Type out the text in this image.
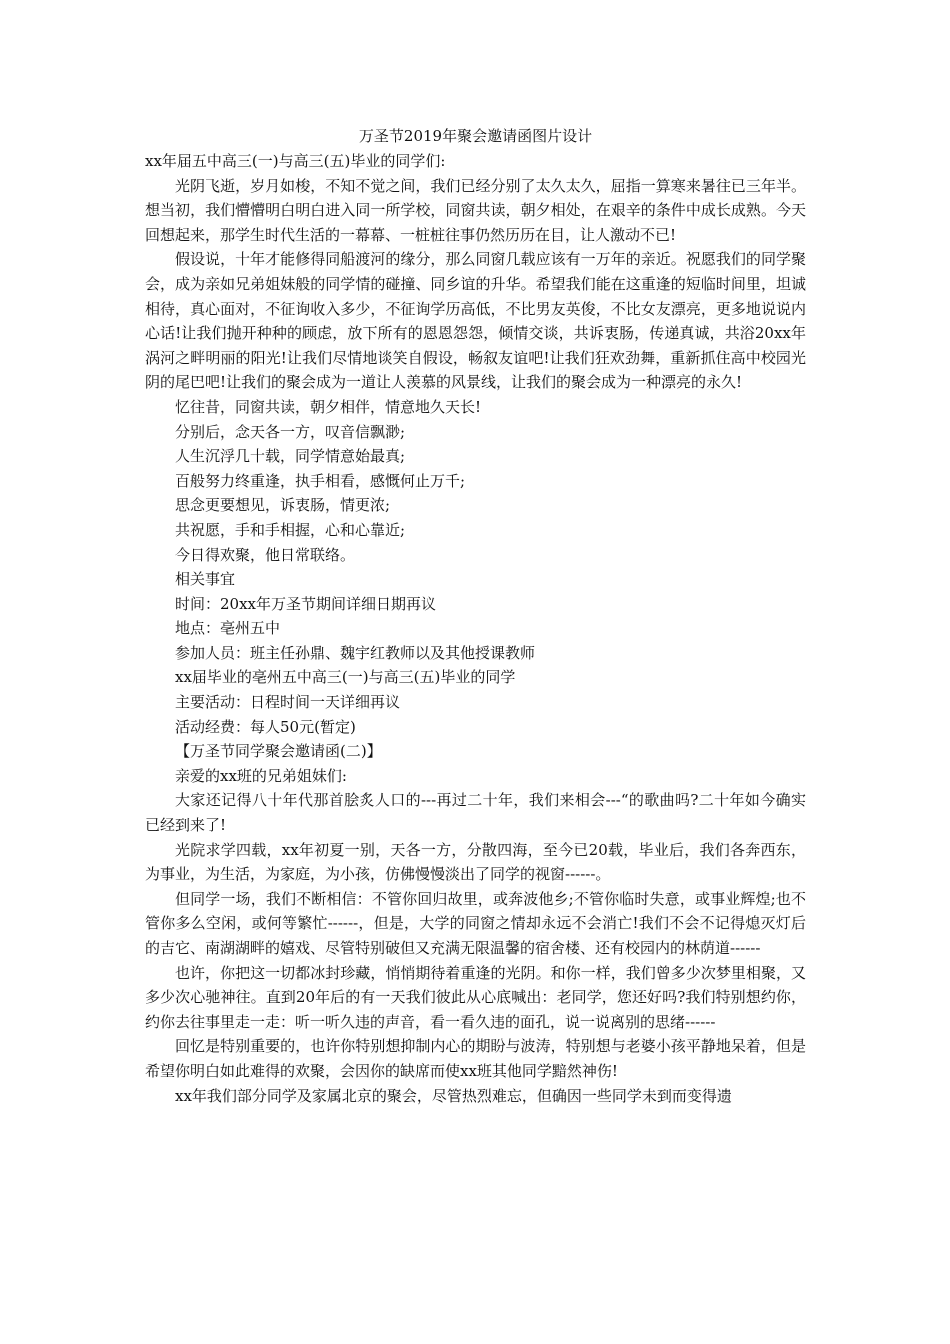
万圣节2019年聚会邀请函图片设计

xx年届五中高三(一)与高三(五)毕业的同学们:

光阴飞逝，岁月如梭，不知不觉之间，我们已经分别了太久太久，屈指一算寒来暑往已三年半。想当初，我们懵懵明白明白进入同一所学校，同窗共读，朝夕相处，在艰辛的条件中成长成熟。今天回想起来，那学生时代生活的一幕幕、一桩桩往事仍然历历在目，让人激动不已!

假设说，十年才能修得同船渡河的缘分，那么同窗几载应该有一万年的亲近。祝愿我们的同学聚会，成为亲如兄弟姐妹般的同学情的碰撞、同乡谊的升华。希望我们能在这重逢的短临时间里，坦诚相待，真心面对，不征询收入多少，不征询学历高低，不比男友英俊，不比女友漂亮，更多地说说内心话!让我们抛开种种的顾虑，放下所有的恩恩怨怨，倾情交谈，共诉衷肠，传递真诚，共浴20xx年涡河之畔明丽的阳光!让我们尽情地谈笑自假设，畅叙友谊吧!让我们狂欢劲舞，重新抓住高中校园光阴的尾巴吧!让我们的聚会成为一道让人羡慕的风景线，让我们的聚会成为一种漂亮的永久!

忆往昔，同窗共读，朝夕相伴，情意地久天长!

分别后，念天各一方，叹音信飘渺;

人生沉浮几十载，同学情意始最真;

百般努力终重逢，执手相看，感慨何止万千;

思念更要想见，诉衷肠，情更浓;

共祝愿，手和手相握，心和心靠近;

今日得欢聚，他日常联络。

相关事宜

时间：20xx年万圣节期间详细日期再议

地点：亳州五中

参加人员：班主任孙鼎、魏宇红教师以及其他授课教师

xx届毕业的亳州五中高三(一)与高三(五)毕业的同学

主要活动：日程时间一天详细再议

活动经费：每人50元(暂定)

【万圣节同学聚会邀请函(二)】

亲爱的xx班的兄弟姐妹们:

大家还记得八十年代那首脍炙人口的---再过二十年，我们来相会---“的歌曲吗?二十年如今确实已经到来了!

光院求学四载，xx年初夏一别，天各一方，分散四海，至今已20载，毕业后，我们各奔西东，为事业，为生活，为家庭，为小孩，仿佛慢慢淡出了同学的视窗------。

但同学一场，我们不断相信：不管你回归故里，或奔波他乡;不管你临时失意，或事业辉煌;也不管你多么空闲，或何等繁忙------，但是，大学的同窗之情却永远不会消亡!我们不会不记得熄灭灯后的吉它、南湖湖畔的嬉戏、尽管特别破但又充满无限温馨的宿舍楼、还有校园内的林荫道------

也许，你把这一切都冰封珍藏，悄悄期待着重逢的光阴。和你一样，我们曾多少次梦里相聚，又多少次心驰神往。直到20年后的有一天我们彼此从心底喊出：老同学，您还好吗?我们特别想约你，约你去往事里走一走：听一听久违的声音，看一看久违的面孔，说一说离别的思绪------

回忆是特别重要的，也许你特别想抑制内心的期盼与波涛，特别想与老婆小孩平静地呆着，但是希望你明白如此难得的欢聚，会因你的缺席而使xx班其他同学黯然神伤!

xx年我们部分同学及家属北京的聚会，尽管热烈难忘，但确因一些同学未到而变得遗
